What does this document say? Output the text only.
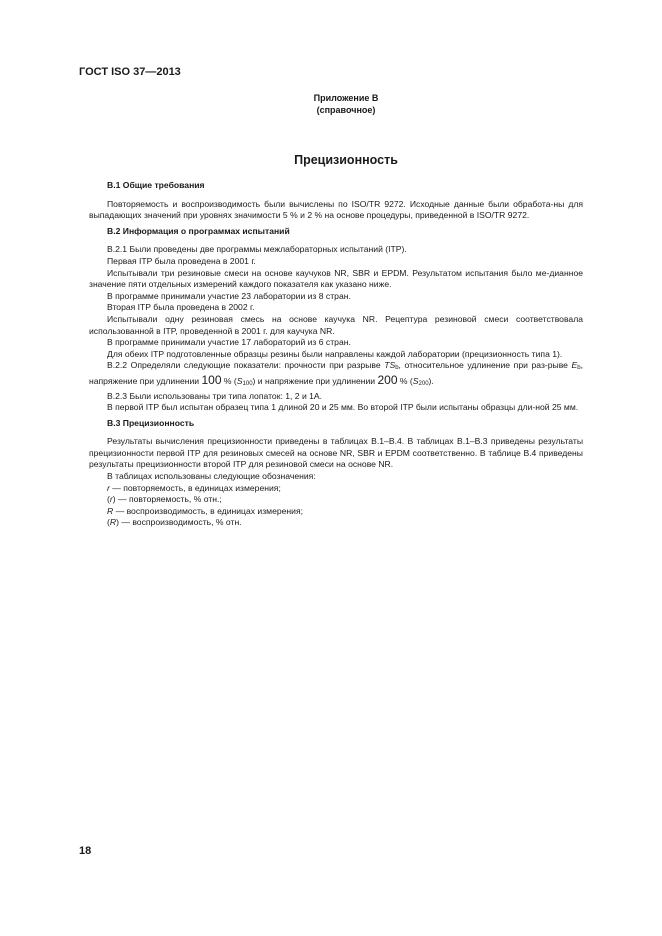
ГОСТ ISO 37—2013
Приложение В
(справочное)
Прецизионность

В.1 Общие требования

Повторяемость и воспроизводимость были вычислены по ISO/TR 9272. Исходные данные были обработа-ны для выпадающих значений при уровнях значимости 5 % и 2 % на основе процедуры, приведенной в ISO/TR 9272.

В.2 Информация о программах испытаний

В.2.1 Были проведены две программы межлабораторных испытаний (ITP).

Первая ITP была проведена в 2001 г.

Испытывали три резиновые смеси на основе каучуков NR, SBR и EPDM. Результатом испытания было ме-дианное значение пяти отдельных измерений каждого показателя как указано ниже.

В программе принимали участие 23 лаборатории из 8 стран.

Вторая ITP была проведена в 2002 г.

Испытывали одну резиновая смесь на основе каучука NR. Рецептура резиновой смеси соответствовала использованной в ITP, проведенной в 2001 г. для каучука NR.

В программе принимали участие 17 лабораторий из 6 стран.

Для обеих ITP подготовленные образцы резины были направлены каждой лаборатории (прецизионность типа 1).

В.2.2 Определяли следующие показатели: прочности при разрыве $TS_b$, относительное удлинение при раз-рыве $E_b$, напряжение при удлинении 100 % $(S_{100})$ и напряжение при удлинении 200 % $(S_{200})$.

В.2.3 Были использованы три типа лопаток: 1, 2 и 1А.

В первой ITP был испытан образец типа 1 длиной 20 и 25 мм. Во второй ITP были испытаны образцы дли-ной 25 мм.

В.3 Прецизионность

Результаты вычисления прецизионности приведены в таблицах В.1–В.4. В таблицах В.1–В.3 приведены результаты прецизионности первой ITP для резиновых смесей на основе NR, SBR и EPDM соответственно. В таблице В.4 приведены результаты прецизионности второй ITP для резиновой смеси на основе NR.

В таблицах использованы следующие обозначения:

r — повторяемость, в единицах измерения;

(r) — повторяемость, % отн.;

R — воспроизводимость, в единицах измерения;

(R) — воспроизводимость, % отн.

18
